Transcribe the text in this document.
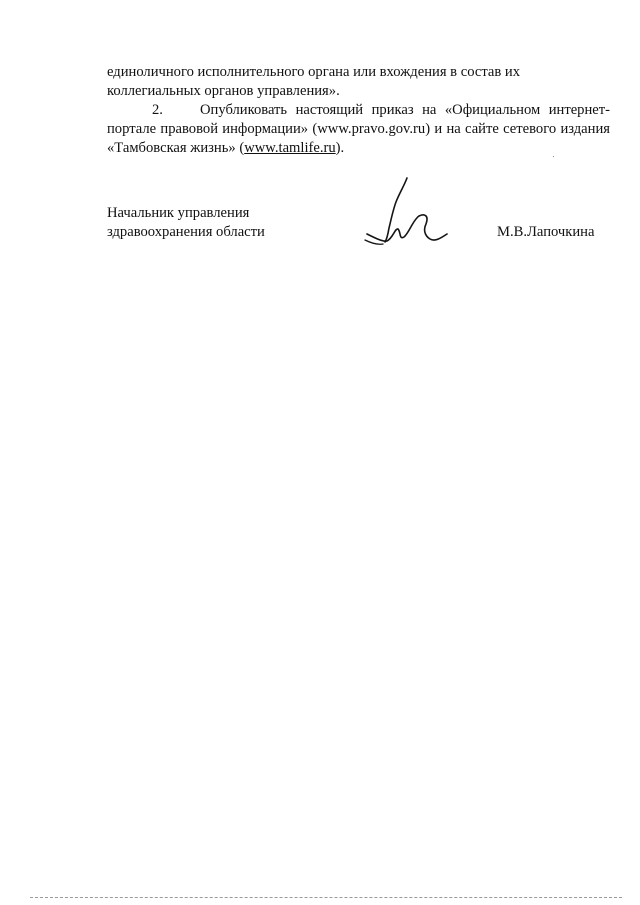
единоличного исполнительного органа или вхождения в состав их
коллегиальных органов управления».

2.	Опубликовать настоящий приказ на «Официальном интернет-портале правовой информации» (www.pravo.gov.ru) и на сайте сетевого издания «Тамбовская жизнь» (www.tamlife.ru).

Начальник управления
здравоохранения области	М.В.Лапочкина
